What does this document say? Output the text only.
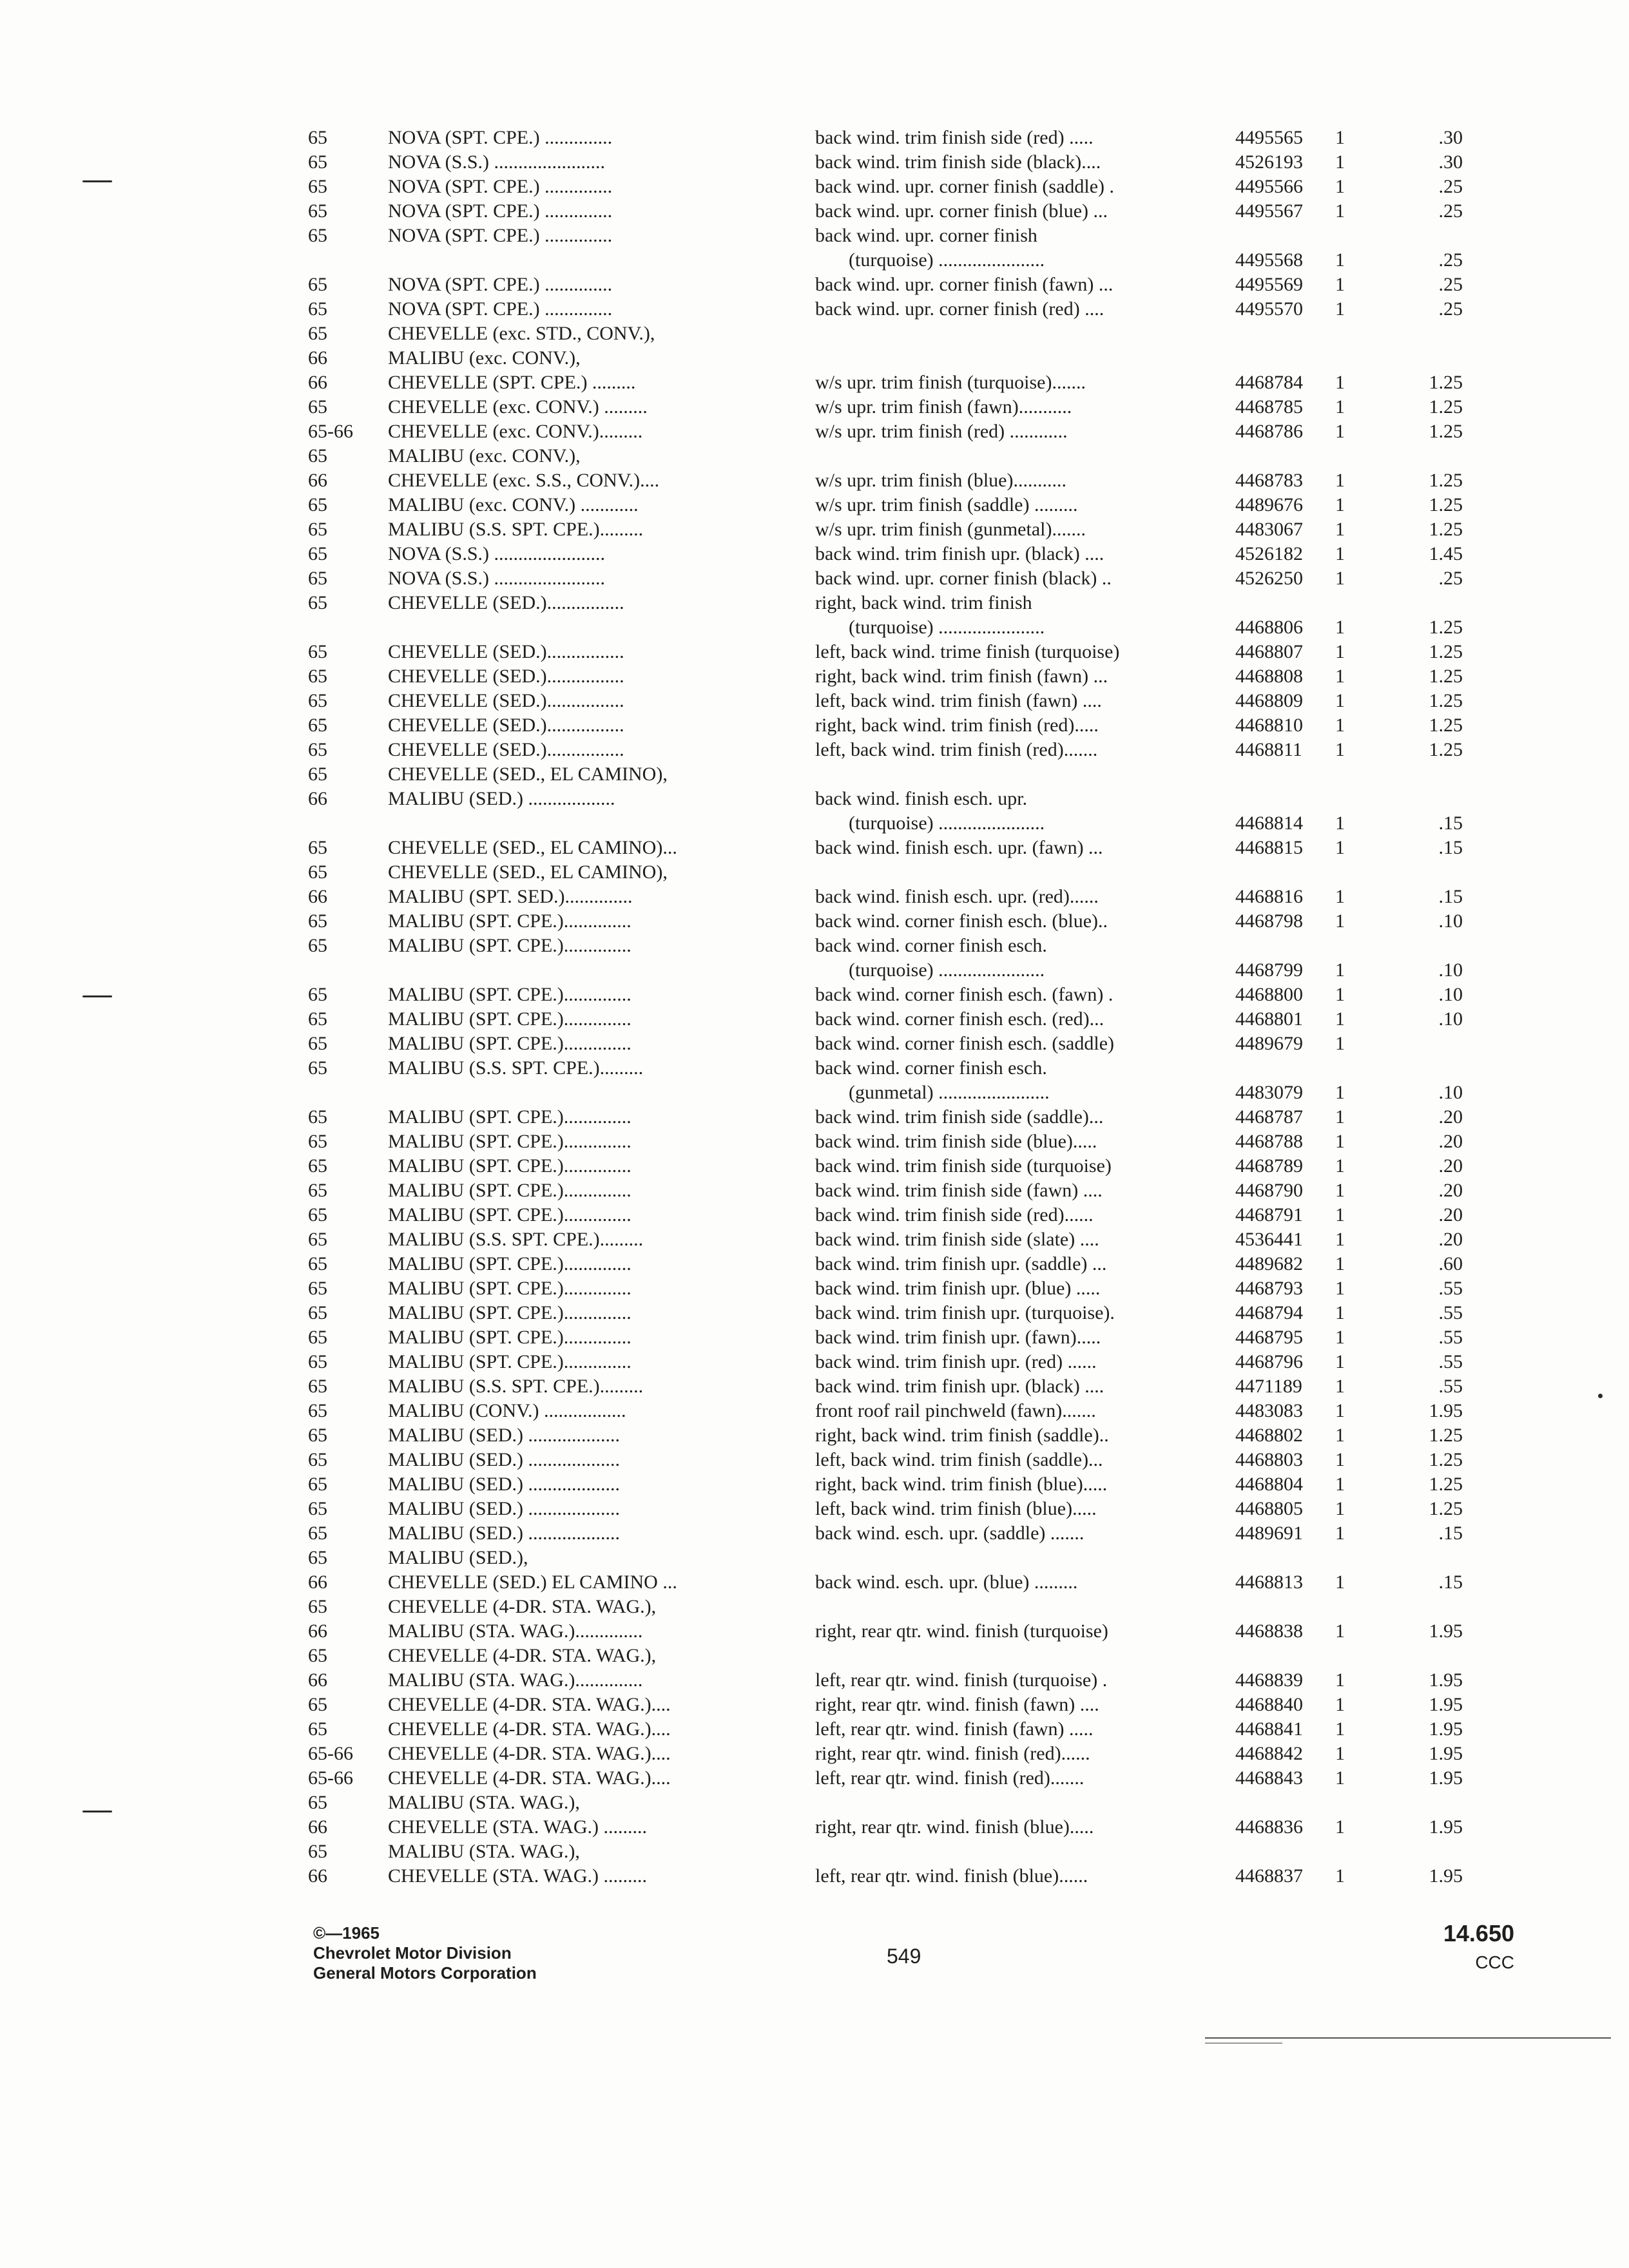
65	NOVA (SPT. CPE.) ..............	back wind. trim finish side (red) .....	4495565 1	.30
65	NOVA (S.S.) .......................	back wind. trim finish side (black)....	4526193 1	.30
65	NOVA (SPT. CPE.) ..............	back wind. upr. corner finish (saddle) .	4495566 1	.25
65	NOVA (SPT. CPE.) ..............	back wind. upr. corner finish (blue) ...	4495567 1	.25
65	NOVA (SPT. CPE.) ..............	back wind. upr. corner finish
(turquoise) ......................	4495568 1	.25
65	NOVA (SPT. CPE.) ..............	back wind. upr. corner finish (fawn) ...	4495569 1	.25
65	NOVA (SPT. CPE.) ..............	back wind. upr. corner finish (red) ....	4495570 1	.25
65	CHEVELLE (exc. STD., CONV.),
66	MALIBU (exc. CONV.),
66	CHEVELLE (SPT. CPE.) .........	w/s upr. trim finish (turquoise).......	4468784 1	1.25
65	CHEVELLE (exc. CONV.) .........	w/s upr. trim finish (fawn)...........	4468785 1	1.25
65-66 CHEVELLE (exc. CONV.).........	w/s upr. trim finish (red) ............	4468786 1	1.25
65	MALIBU (exc. CONV.),
66	CHEVELLE (exc. S.S., CONV.)....	w/s upr. trim finish (blue)...........	4468783 1	1.25
65	MALIBU (exc. CONV.) ............	w/s upr. trim finish (saddle) .........	4489676 1	1.25
65	MALIBU (S.S. SPT. CPE.).........	w/s upr. trim finish (gunmetal).......	4483067 1	1.25
65	NOVA (S.S.) .......................	back wind. trim finish upr. (black) ....	4526182 1	1.45
65	NOVA (S.S.) .......................	back wind. upr. corner finish (black) ..	4526250 1	.25
65	CHEVELLE (SED.)................	right, back wind. trim finish
(turquoise) ......................	4468806 1	1.25
65	CHEVELLE (SED.)................	left, back wind. trime finish (turquoise)	4468807 1	1.25
65	CHEVELLE (SED.)................	right, back wind. trim finish (fawn) ...	4468808 1	1.25
65	CHEVELLE (SED.)................	left, back wind. trim finish (fawn) ....	4468809 1	1.25
65	CHEVELLE (SED.)................	right, back wind. trim finish (red).....	4468810 1	1.25
65	CHEVELLE (SED.)................	left, back wind. trim finish (red).......	4468811 1	1.25
65	CHEVELLE (SED., EL CAMINO),
66	MALIBU (SED.) ..................	back wind. finish esch. upr.
(turquoise) ......................	4468814 1	.15
65	CHEVELLE (SED., EL CAMINO)...	back wind. finish esch. upr. (fawn) ...	4468815 1	.15
65	CHEVELLE (SED., EL CAMINO),
66	MALIBU (SPT. SED.)..............	back wind. finish esch. upr. (red)......	4468816 1	.15
65	MALIBU (SPT. CPE.)..............	back wind. corner finish esch. (blue)..	4468798 1	.10
65	MALIBU (SPT. CPE.)..............	back wind. corner finish esch.
(turquoise) ......................	4468799 1	.10
65	MALIBU (SPT. CPE.)..............	back wind. corner finish esch. (fawn) .	4468800 1	.10
65	MALIBU (SPT. CPE.)..............	back wind. corner finish esch. (red)...	4468801 1	.10
65	MALIBU (SPT. CPE.)..............	back wind. corner finish esch. (saddle)	4489679 1
65	MALIBU (S.S. SPT. CPE.).........	back wind. corner finish esch.
(gunmetal) .......................	4483079 1	.10
65	MALIBU (SPT. CPE.)..............	back wind. trim finish side (saddle)...	4468787 1	.20
65	MALIBU (SPT. CPE.)..............	back wind. trim finish side (blue).....	4468788 1	.20
65	MALIBU (SPT. CPE.)..............	back wind. trim finish side (turquoise)	4468789 1	.20
65	MALIBU (SPT. CPE.)..............	back wind. trim finish side (fawn) ....	4468790 1	.20
65	MALIBU (SPT. CPE.)..............	back wind. trim finish side (red)......	4468791 1	.20
65	MALIBU (S.S. SPT. CPE.).........	back wind. trim finish side (slate) ....	4536441 1	.20
65	MALIBU (SPT. CPE.)..............	back wind. trim finish upr. (saddle) ...	4489682 1	.60
65	MALIBU (SPT. CPE.)..............	back wind. trim finish upr. (blue) .....	4468793 1	.55
65	MALIBU (SPT. CPE.)..............	back wind. trim finish upr. (turquoise).	4468794 1	.55
65	MALIBU (SPT. CPE.)..............	back wind. trim finish upr. (fawn).....	4468795 1	.55
65	MALIBU (SPT. CPE.)..............	back wind. trim finish upr. (red) ......	4468796 1	.55
65	MALIBU (S.S. SPT. CPE.).........	back wind. trim finish upr. (black) ....	4471189 1	.55
65	MALIBU (CONV.) .................	front roof rail pinchweld (fawn).......	4483083 1	1.95
65	MALIBU (SED.) ...................	right, back wind. trim finish (saddle)..	4468802 1	1.25
65	MALIBU (SED.) ...................	left, back wind. trim finish (saddle)...	4468803 1	1.25
65	MALIBU (SED.) ...................	right, back wind. trim finish (blue).....	4468804 1	1.25
65	MALIBU (SED.) ...................	left, back wind. trim finish (blue).....	4468805 1	1.25
65	MALIBU (SED.) ...................	back wind. esch. upr. (saddle) .......	4489691 1	.15
65	MALIBU (SED.),
66	CHEVELLE (SED.) EL CAMINO ...	back wind. esch. upr. (blue) .........	4468813 1	.15
65	CHEVELLE (4-DR. STA. WAG.),
66	MALIBU (STA. WAG.)..............	right, rear qtr. wind. finish (turquoise)	4468838 1	1.95
65	CHEVELLE (4-DR. STA. WAG.),
66	MALIBU (STA. WAG.)..............	left, rear qtr. wind. finish (turquoise) .	4468839 1	1.95
65	CHEVELLE (4-DR. STA. WAG.)....	right, rear qtr. wind. finish (fawn) ....	4468840 1	1.95
65	CHEVELLE (4-DR. STA. WAG.)....	left, rear qtr. wind. finish (fawn) .....	4468841 1	1.95
65-66 CHEVELLE (4-DR. STA. WAG.)....	right, rear qtr. wind. finish (red)......	4468842 1	1.95
65-66 CHEVELLE (4-DR. STA. WAG.)....	left, rear qtr. wind. finish (red).......	4468843 1	1.95
65	MALIBU (STA. WAG.),
66	CHEVELLE (STA. WAG.) .........	right, rear qtr. wind. finish (blue).....	4468836 1	1.95
65	MALIBU (STA. WAG.),
66	CHEVELLE (STA. WAG.) .........	left, rear qtr. wind. finish (blue)......	4468837 1	1.95
©—1965
Chevrolet Motor Division
General Motors Corporation
549
14.650
CCC
